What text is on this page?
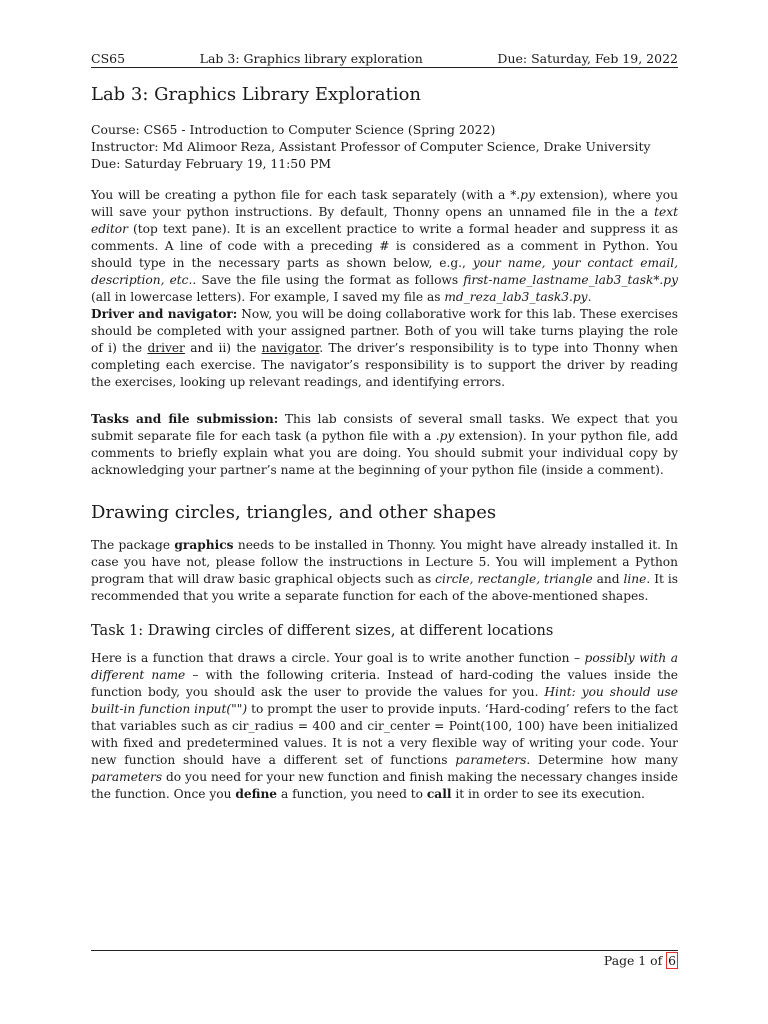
CS65	Lab 3: Graphics library exploration	Due: Saturday, Feb 19, 2022
Lab 3: Graphics Library Exploration
Course: CS65 - Introduction to Computer Science (Spring 2022)
Instructor: Md Alimoor Reza, Assistant Professor of Computer Science, Drake University
Due: Saturday February 19, 11:50 PM

You will be creating a python file for each task separately (with a *.py extension), where you will save your python instructions. By default, Thonny opens an unnamed file in the a text editor (top text pane). It is an excellent practice to write a formal header and suppress it as comments. A line of code with a preceding # is considered as a comment in Python. You should type in the necessary parts as shown below, e.g., your name, your contact email, description, etc.. Save the file using the format as follows first-name_lastname_lab3_task*.py (all in lowercase letters). For example, I saved my file as md_reza_lab3_task3.py.

Driver and navigator: Now, you will be doing collaborative work for this lab. These exercises should be completed with your assigned partner. Both of you will take turns playing the role of i) the driver and ii) the navigator. The driver’s responsibility is to type into Thonny when completing each exercise. The navigator’s responsibility is to support the driver by reading the exercises, looking up relevant readings, and identifying errors.

Tasks and file submission: This lab consists of several small tasks. We expect that you submit separate file for each task (a python file with a .py extension). In your python file, add comments to briefly explain what you are doing. You should submit your individual copy by acknowledging your partner’s name at the beginning of your python file (inside a comment).

Drawing circles, triangles, and other shapes

The package graphics needs to be installed in Thonny. You might have already installed it. In case you have not, please follow the instructions in Lecture 5. You will implement a Python program that will draw basic graphical objects such as circle, rectangle, triangle and line. It is recommended that you write a separate function for each of the above-mentioned shapes.

Task 1: Drawing circles of different sizes, at different locations

Here is a function that draws a circle. Your goal is to write another function – possibly with a different name – with the following criteria. Instead of hard-coding the values inside the function body, you should ask the user to provide the values for you. Hint: you should use built-in function input("") to prompt the user to provide inputs. ‘Hard-coding’ refers to the fact that variables such as cir_radius = 400 and cir_center = Point(100, 100) have been initialized with fixed and predetermined values. It is not a very flexible way of writing your code. Your new function should have a different set of functions parameters. Determine how many parameters do you need for your new function and finish making the necessary changes inside the function. Once you define a function, you need to call it in order to see its execution.

Page 1 of 6
